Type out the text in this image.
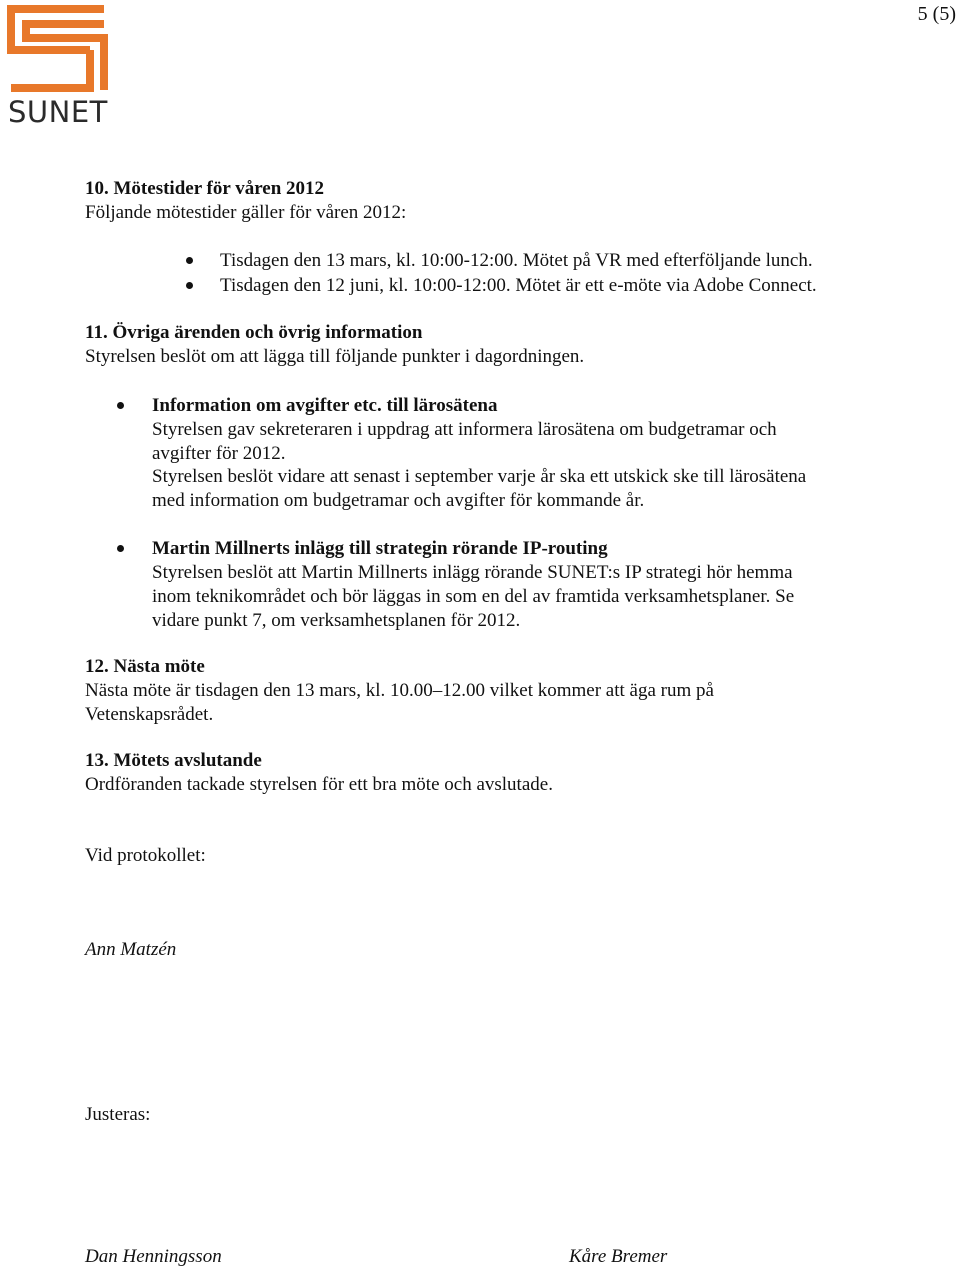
5 (5)
SUNET
10. Mötestider för våren 2012
Följande mötestider gäller för våren 2012:
Tisdagen den 13 mars, kl. 10:00-12:00. Mötet på VR med efterföljande lunch.
Tisdagen den 12 juni, kl. 10:00-12:00. Mötet är ett e-möte via Adobe Connect.
11. Övriga ärenden och övrig information
Styrelsen beslöt om att lägga till följande punkter i dagordningen.
Information om avgifter etc. till lärosätena
Styrelsen gav sekreteraren i uppdrag att informera lärosätena om budgetramar och
avgifter för 2012.
Styrelsen beslöt vidare att senast i september varje år ska ett utskick ske till lärosätena
med information om budgetramar och avgifter för kommande år.
Martin Millnerts inlägg till strategin rörande IP-routing
Styrelsen beslöt att Martin Millnerts inlägg rörande SUNET:s IP strategi hör hemma
inom teknikområdet och bör läggas in som en del av framtida verksamhetsplaner. Se
vidare punkt 7, om verksamhetsplanen för 2012.
12. Nästa möte
Nästa möte är tisdagen den 13 mars, kl. 10.00–12.00 vilket kommer att äga rum på
Vetenskapsrådet.
13. Mötets avslutande
Ordföranden tackade styrelsen för ett bra möte och avslutade.
Vid protokollet:
Ann Matzén
Justeras:
Dan Henningsson	Kåre Bremer
